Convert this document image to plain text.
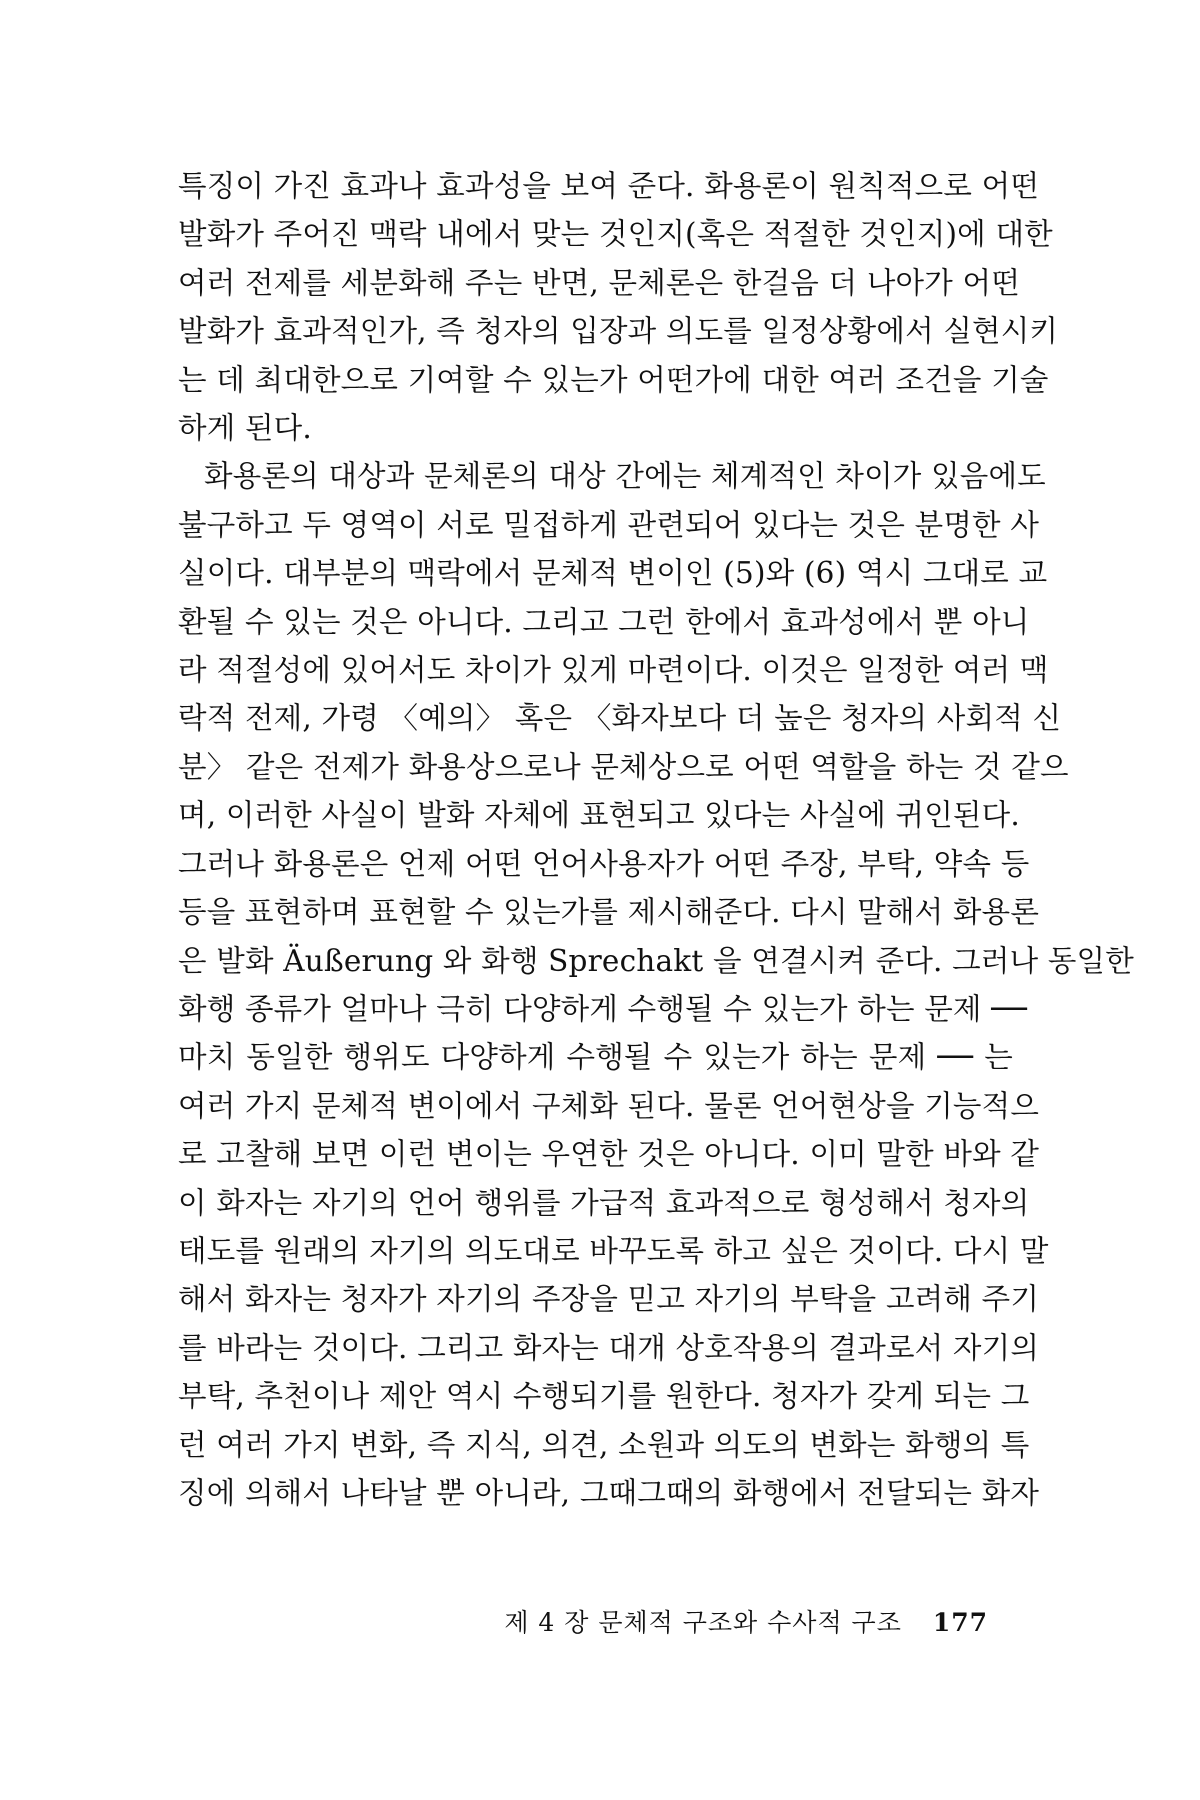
특징이 가진 효과나 효과성을 보여 준다. 화용론이 원칙적으로 어떤
발화가 주어진 맥락 내에서 맞는 것인지(혹은 적절한 것인지)에 대한
여러 전제를 세분화해 주는 반면, 문체론은 한걸음 더 나아가 어떤
발화가 효과적인가, 즉 청자의 입장과 의도를 일정상황에서 실현시키
는 데 최대한으로 기여할 수 있는가 어떤가에 대한 여러 조건을 기술
하게 된다.
화용론의 대상과 문체론의 대상 간에는 체계적인 차이가 있음에도
불구하고 두 영역이 서로 밀접하게 관련되어 있다는 것은 분명한 사
실이다. 대부분의 맥락에서 문체적 변이인 (5)와 (6) 역시 그대로 교
환될 수 있는 것은 아니다. 그리고 그런 한에서 효과성에서 뿐 아니
라 적절성에 있어서도 차이가 있게 마련이다. 이것은 일정한 여러 맥
락적 전제, 가령 〈예의〉 혹은 〈화자보다 더 높은 청자의 사회적 신
분〉 같은 전제가 화용상으로나 문체상으로 어떤 역할을 하는 것 같으
며, 이러한 사실이 발화 자체에 표현되고 있다는 사실에 귀인된다.
그러나 화용론은 언제 어떤 언어사용자가 어떤 주장, 부탁, 약속 등
등을 표현하며 표현할 수 있는가를 제시해준다. 다시 말해서 화용론
은 발화 Äußerung 와 화행 Sprechakt 을 연결시켜 준다. 그러나 동일한
화행 종류가 얼마나 극히 다양하게 수행될 수 있는가 하는 문제 ──
마치 동일한 행위도 다양하게 수행될 수 있는가 하는 문제 ── 는
여러 가지 문체적 변이에서 구체화 된다. 물론 언어현상을 기능적으
로 고찰해 보면 이런 변이는 우연한 것은 아니다. 이미 말한 바와 같
이 화자는 자기의 언어 행위를 가급적 효과적으로 형성해서 청자의
태도를 원래의 자기의 의도대로 바꾸도록 하고 싶은 것이다. 다시 말
해서 화자는 청자가 자기의 주장을 믿고 자기의 부탁을 고려해 주기
를 바라는 것이다. 그리고 화자는 대개 상호작용의 결과로서 자기의
부탁, 추천이나 제안 역시 수행되기를 원한다. 청자가 갖게 되는 그
런 여러 가지 변화, 즉 지식, 의견, 소원과 의도의 변화는 화행의 특
징에 의해서 나타날 뿐 아니라, 그때그때의 화행에서 전달되는 화자
제 4 장 문체적 구조와 수사적 구조 177
